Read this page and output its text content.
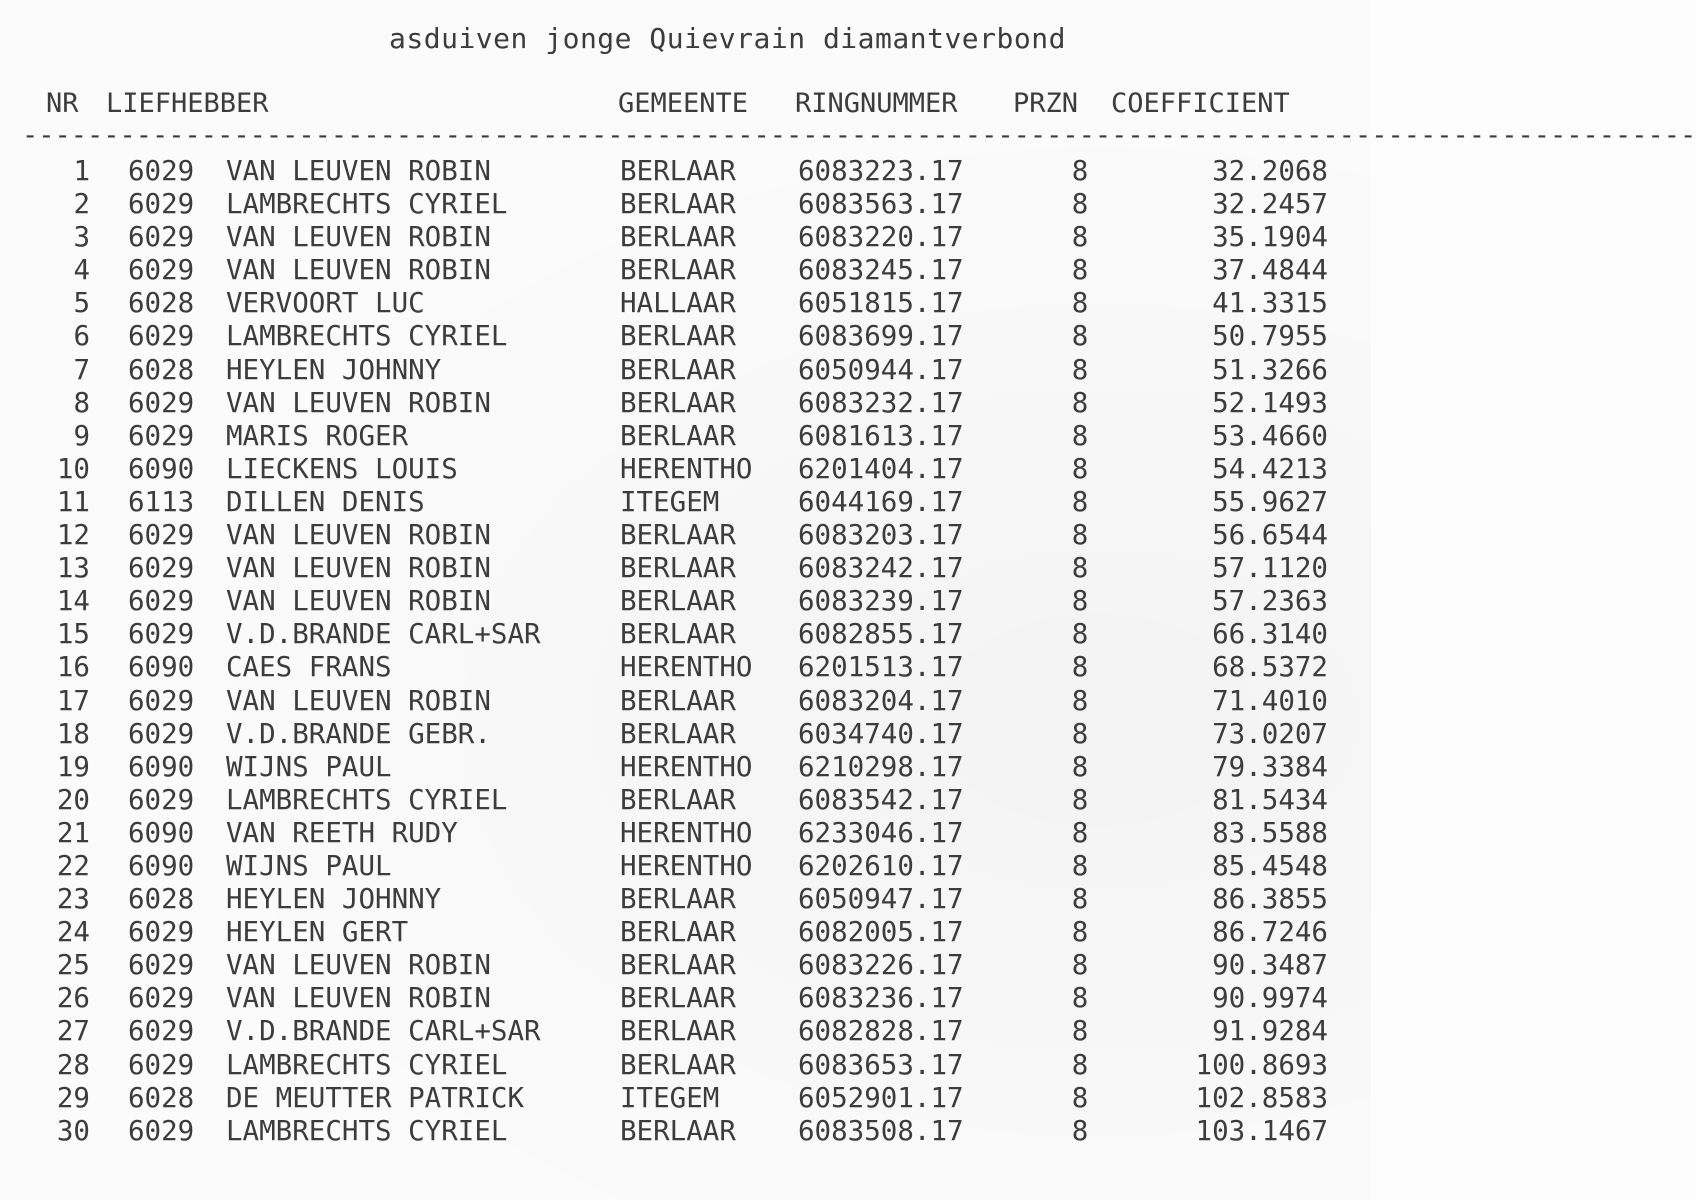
asduiven jonge Quievrain diamantverbond
NR LIEFHEBBER	GEMEENTE RINGNUMMER PRZN COEFFICIENT
-------------------------------------------------------------------------------------------------------
1 6029 VAN LEUVEN ROBIN	BERLAAR 6083223.17	8	32.2068
2 6029 LAMBRECHTS CYRIEL	BERLAAR 6083563.17	8	32.2457
3 6029 VAN LEUVEN ROBIN	BERLAAR 6083220.17	8	35.1904
4 6029 VAN LEUVEN ROBIN	BERLAAR 6083245.17	8	37.4844
5 6028 VERVOORT LUC	HALLAAR 6051815.17	8	41.3315
6 6029 LAMBRECHTS CYRIEL	BERLAAR 6083699.17	8	50.7955
7 6028 HEYLEN JOHNNY	BERLAAR 6050944.17	8	51.3266
8 6029 VAN LEUVEN ROBIN	BERLAAR 6083232.17	8	52.1493
9 6029 MARIS ROGER	BERLAAR 6081613.17	8	53.4660
10 6090 LIECKENS LOUIS	HERENTHO 6201404.17	8	54.4213
11 6113 DILLEN DENIS	ITEGEM	6044169.17	8	55.9627
12 6029 VAN LEUVEN ROBIN	BERLAAR 6083203.17	8	56.6544
13 6029 VAN LEUVEN ROBIN	BERLAAR 6083242.17	8	57.1120
14 6029 VAN LEUVEN ROBIN	BERLAAR 6083239.17	8	57.2363
15 6029 V.D.BRANDE CARL+SAR	BERLAAR 6082855.17	8	66.3140
16 6090 CAES FRANS	HERENTHO 6201513.17	8	68.5372
17 6029 VAN LEUVEN ROBIN	BERLAAR 6083204.17	8	71.4010
18 6029 V.D.BRANDE GEBR.	BERLAAR 6034740.17	8	73.0207
19 6090 WIJNS PAUL	HERENTHO 6210298.17	8	79.3384
20 6029 LAMBRECHTS CYRIEL	BERLAAR 6083542.17	8	81.5434
21 6090 VAN REETH RUDY	HERENTHO 6233046.17	8	83.5588
22 6090 WIJNS PAUL	HERENTHO 6202610.17	8	85.4548
23 6028 HEYLEN JOHNNY	BERLAAR 6050947.17	8	86.3855
24 6029 HEYLEN GERT	BERLAAR 6082005.17	8	86.7246
25 6029 VAN LEUVEN ROBIN	BERLAAR 6083226.17	8	90.3487
26 6029 VAN LEUVEN ROBIN	BERLAAR 6083236.17	8	90.9974
27 6029 V.D.BRANDE CARL+SAR	BERLAAR 6082828.17	8	91.9284
28 6029 LAMBRECHTS CYRIEL	BERLAAR 6083653.17	8	100.8693
29 6028 DE MEUTTER PATRICK	ITEGEM	6052901.17	8	102.8583
30 6029 LAMBRECHTS CYRIEL	BERLAAR 6083508.17	8	103.1467
